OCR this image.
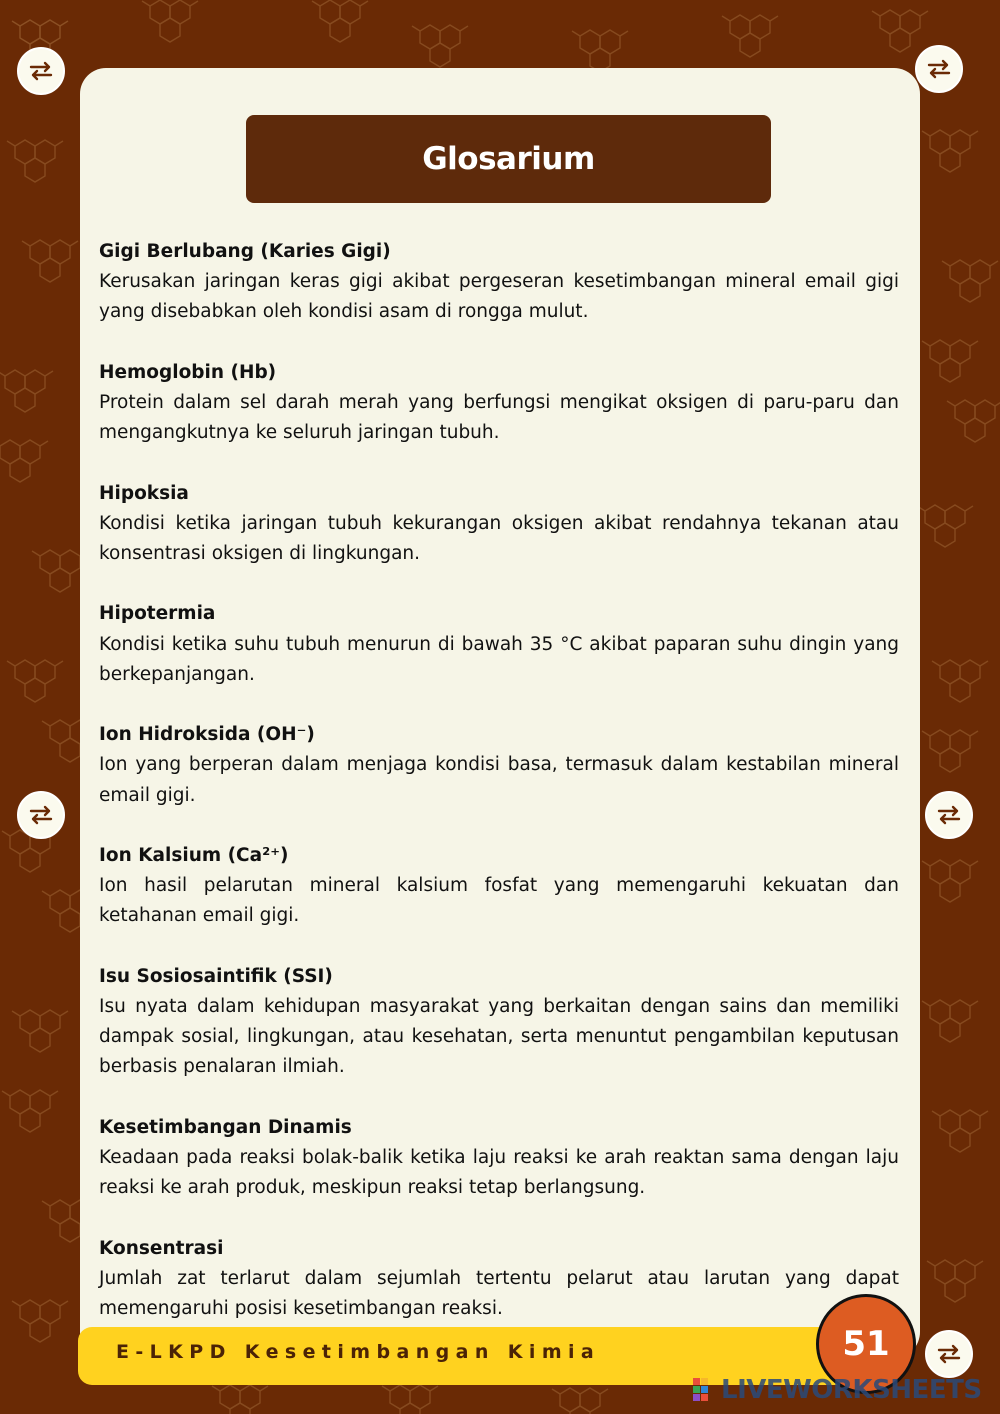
Glosarium
Gigi Berlubang (Karies Gigi)
Kerusakan jaringan keras gigi akibat pergeseran kesetimbangan mineral email gigi yang disebabkan oleh kondisi asam di rongga mulut.
Hemoglobin (Hb)
Protein dalam sel darah merah yang berfungsi mengikat oksigen di paru-paru dan mengangkutnya ke seluruh jaringan tubuh.
Hipoksia
Kondisi ketika jaringan tubuh kekurangan oksigen akibat rendahnya tekanan atau konsentrasi oksigen di lingkungan.
Hipotermia
Kondisi ketika suhu tubuh menurun di bawah 35 °C akibat paparan suhu dingin yang berkepanjangan.
Ion Hidroksida (OH⁻)
Ion yang berperan dalam menjaga kondisi basa, termasuk dalam kestabilan mineral email gigi.
Ion Kalsium (Ca²⁺)
Ion hasil pelarutan mineral kalsium fosfat yang memengaruhi kekuatan dan ketahanan email gigi.
Isu Sosiosaintifik (SSI)
Isu nyata dalam kehidupan masyarakat yang berkaitan dengan sains dan memiliki dampak sosial, lingkungan, atau kesehatan, serta menuntut pengambilan keputusan berbasis penalaran ilmiah.
Kesetimbangan Dinamis
Keadaan pada reaksi bolak-balik ketika laju reaksi ke arah reaktan sama dengan laju reaksi ke arah produk, meskipun reaksi tetap berlangsung.
Konsentrasi
Jumlah zat terlarut dalam sejumlah tertentu pelarut atau larutan yang dapat memengaruhi posisi kesetimbangan reaksi.
E-LKPD Kesetimbangan Kimia	51
LIVEWORKSHEETS
